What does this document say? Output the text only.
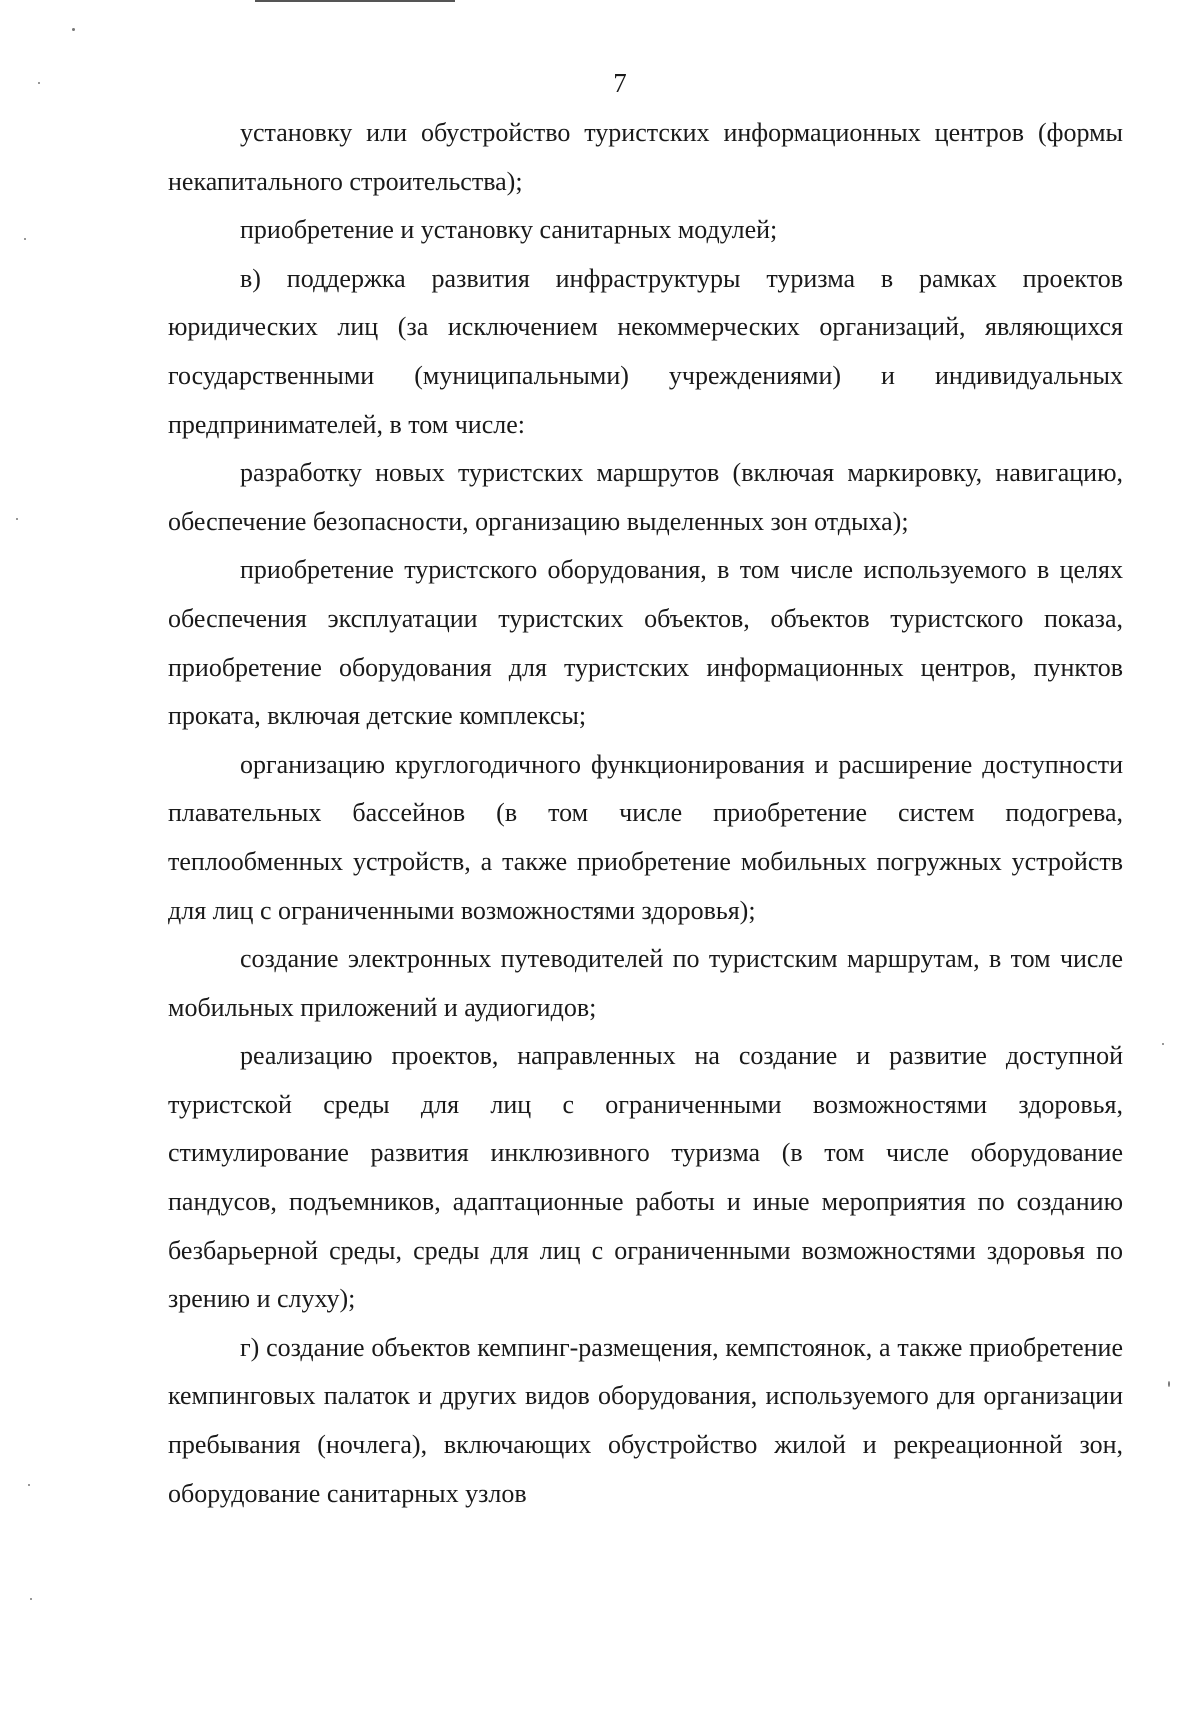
7

установку или обустройство туристских информационных центров (формы некапитального строительства);

приобретение и установку санитарных модулей;

в) поддержка развития инфраструктуры туризма в рамках проектов юридических лиц (за исключением некоммерческих организаций, являющихся государственными (муниципальными) учреждениями) и индивидуальных предпринимателей, в том числе:

разработку новых туристских маршрутов (включая маркировку, навигацию, обеспечение безопасности, организацию выделенных зон отдыха);

приобретение туристского оборудования, в том числе используемого в целях обеспечения эксплуатации туристских объектов, объектов туристского показа, приобретение оборудования для туристских информационных центров, пунктов проката, включая детские комплексы;

организацию круглогодичного функционирования и расширение доступности плавательных бассейнов (в том числе приобретение систем подогрева, теплообменных устройств, а также приобретение мобильных погружных устройств для лиц с ограниченными возможностями здоровья);

создание электронных путеводителей по туристским маршрутам, в том числе мобильных приложений и аудиогидов;

реализацию проектов, направленных на создание и развитие доступной туристской среды для лиц с ограниченными возможностями здоровья, стимулирование развития инклюзивного туризма (в том числе оборудование пандусов, подъемников, адаптационные работы и иные мероприятия по созданию безбарьерной среды, среды для лиц с ограниченными возможностями здоровья по зрению и слуху);

г) создание объектов кемпинг-размещения, кемпстоянок, а также приобретение кемпинговых палаток и других видов оборудования, используемого для организации пребывания (ночлега), включающих обустройство жилой и рекреационной зон, оборудование санитарных узлов
